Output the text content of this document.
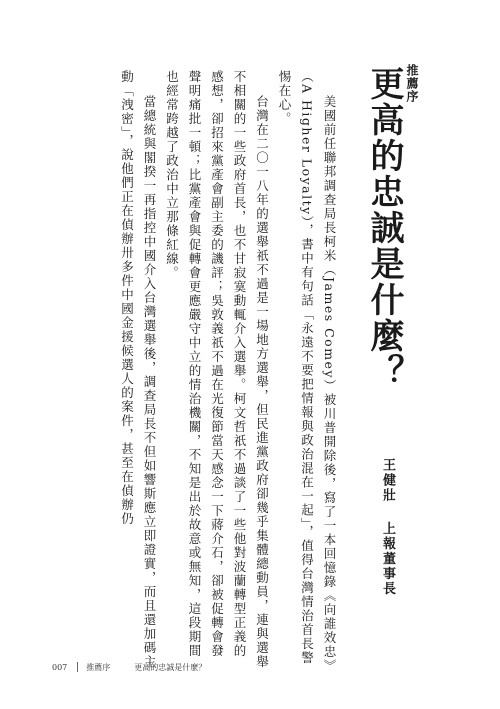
推薦序
更高的忠誠是什麼？
王健壯 上報董事長

美國前任聯邦調查局長柯米（James Comey）被川普開除後，寫了一本回憶錄《向誰效忠》（A Higher Loyalty），書中有句話「永遠不要把情報與政治混在一起」，值得台灣情治首長警惕在心。

台灣在二〇一八年的選舉祇不過是一場地方選舉，但民進黨政府卻幾乎集體總動員，連與選舉不相關的一些政府首長，也不甘寂寞動輒介入選舉。柯文哲祇不過談了一些他對波蘭轉型正義的感想，卻招來黨產會副主委的譏評；吳敦義祇不過在光復節當天感念一下蔣介石，卻被促轉會發聲明痛批一頓；比黨產會與促轉會更應嚴守中立的情治機關，不知是出於故意或無知，這段期間也經常跨越了政治中立那條紅線。

當總統與閣揆一再指控中國介入台灣選舉後，調查局長不但如響斯應立即證實，而且還加碼主動「洩密」，說他們正在偵辦卅多件中國金援候選人的案件，甚至在偵辦仍

007 推薦序	更高的忠誠是什麼？
